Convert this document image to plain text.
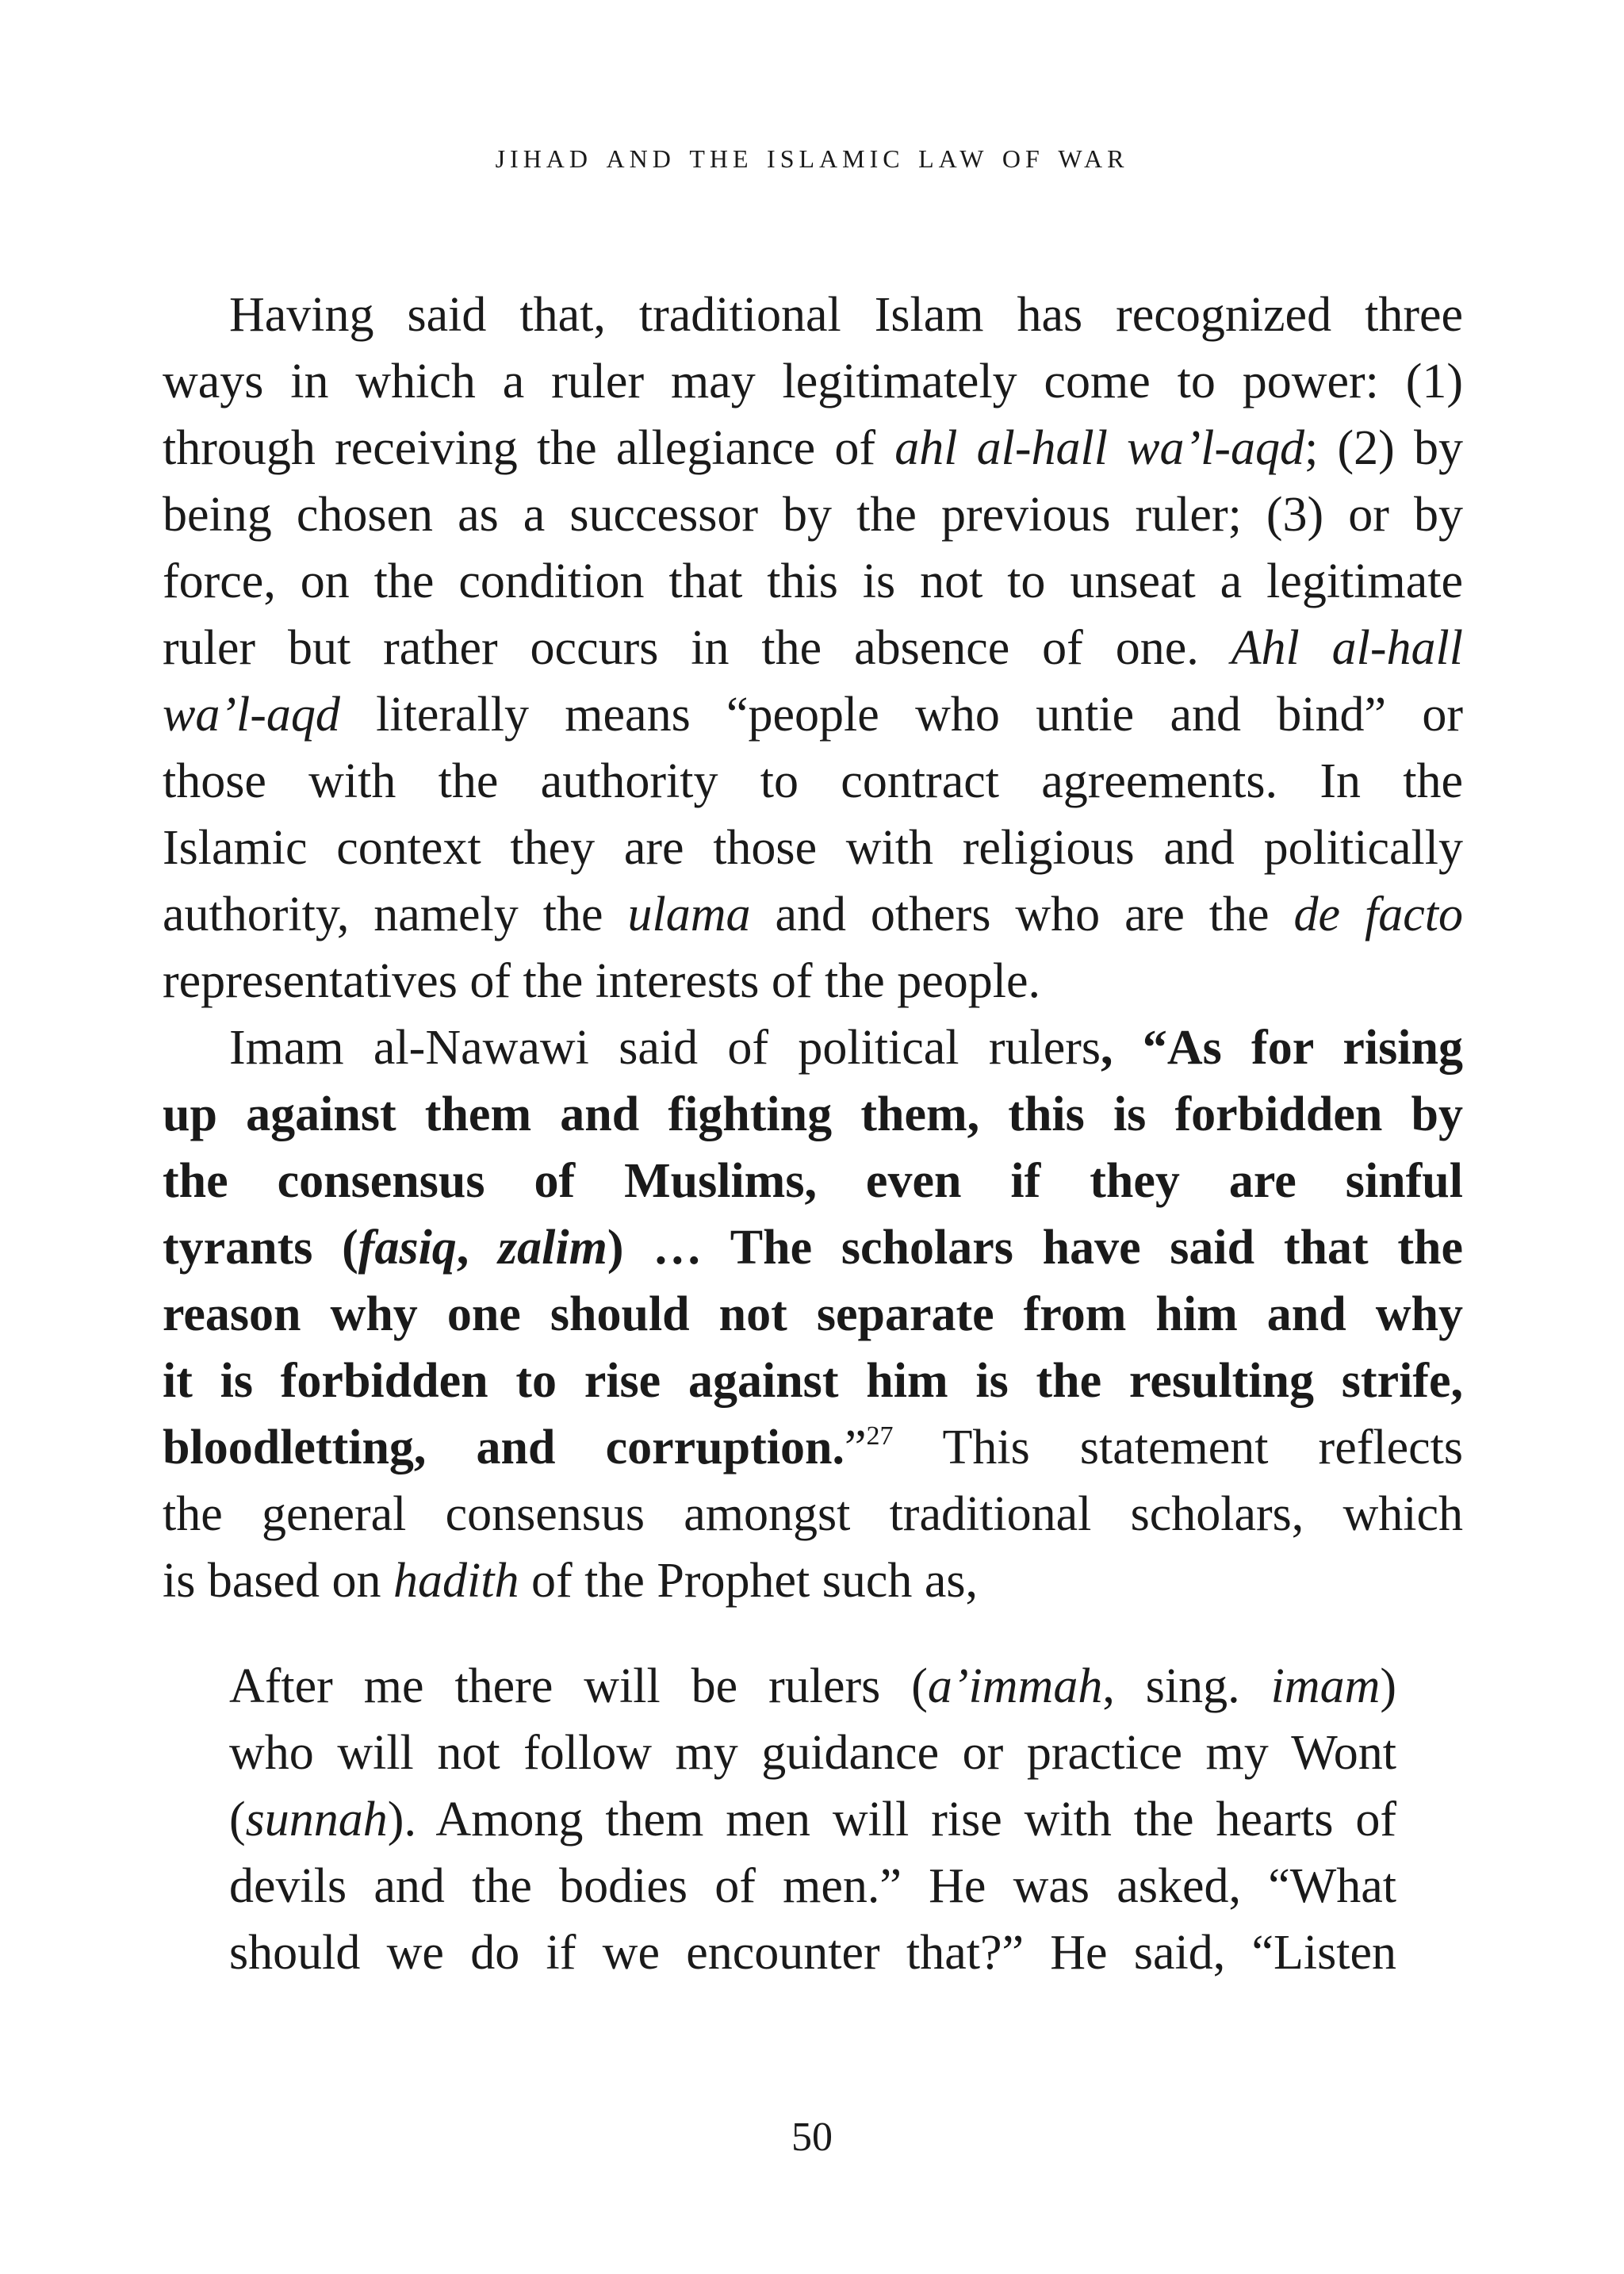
jihad and the islamic law of war
Having said that, traditional Islam has recognized three
ways in which a ruler may legitimately come to power: (1)
through receiving the allegiance of ahl al-hall wa’l-aqd; (2) by
being chosen as a successor by the previous ruler; (3) or by
force, on the condition that this is not to unseat a legitimate
ruler but rather occurs in the absence of one. Ahl al-hall
wa’l-aqd literally means “people who untie and bind” or
those with the authority to contract agreements. In the
Islamic context they are those with religious and politically
authority, namely the ulama and others who are the de facto
representatives of the interests of the people.
Imam al-Nawawi said of political rulers, “As for rising
up against them and fighting them, this is forbidden by
the consensus of Muslims, even if they are sinful
tyrants (fasiq, zalim) … The scholars have said that the
reason why one should not separate from him and why
it is forbidden to rise against him is the resulting strife,
bloodletting, and corruption.”$^{27}$ This statement reflects
the general consensus amongst traditional scholars, which
is based on hadith of the Prophet such as,
After me there will be rulers (a’immah, sing. imam)
who will not follow my guidance or practice my Wont
(sunnah). Among them men will rise with the hearts of
devils and the bodies of men.” He was asked, “What
should we do if we encounter that?” He said, “Listen
50
